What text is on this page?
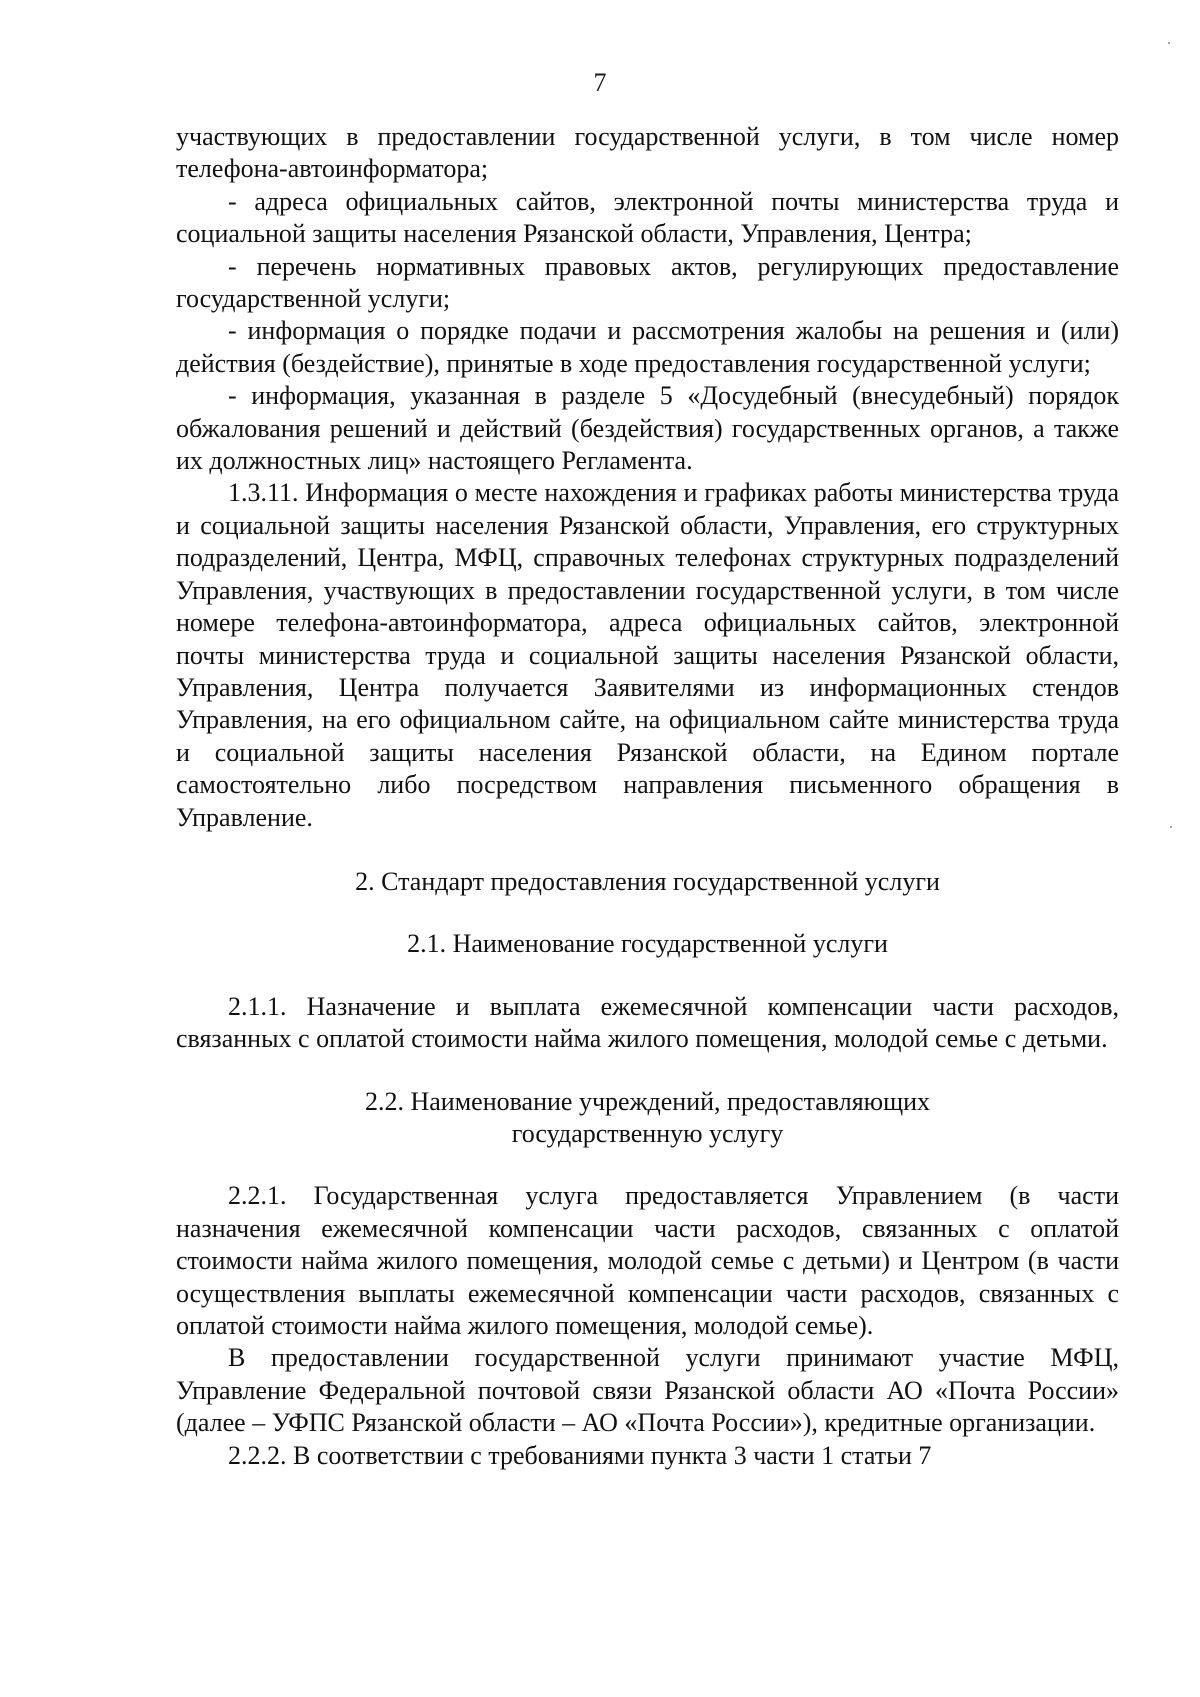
7

участвующих в предоставлении государственной услуги, в том числе номер телефона-автоинформатора;

- адреса официальных сайтов, электронной почты министерства труда и социальной защиты населения Рязанской области, Управления, Центра;

- перечень нормативных правовых актов, регулирующих предоставление государственной услуги;

- информация о порядке подачи и рассмотрения жалобы на решения и (или) действия (бездействие), принятые в ходе предоставления государственной услуги;

- информация, указанная в разделе 5 «Досудебный (внесудебный) порядок обжалования решений и действий (бездействия) государственных органов, а также их должностных лиц» настоящего Регламента.

1.3.11. Информация о месте нахождения и графиках работы министерства труда и социальной защиты населения Рязанской области, Управления, его структурных подразделений, Центра, МФЦ, справочных телефонах структурных подразделений Управления, участвующих в предоставлении государственной услуги, в том числе номере телефона-автоинформатора, адреса официальных сайтов, электронной почты министерства труда и социальной защиты населения Рязанской области, Управления, Центра получается Заявителями из информационных стендов Управления, на его официальном сайте, на официальном сайте министерства труда и социальной защиты населения Рязанской области, на Едином портале самостоятельно либо посредством направления письменного обращения в Управление.

2. Стандарт предоставления государственной услуги
2.1. Наименование государственной услуги

2.1.1. Назначение и выплата ежемесячной компенсации части расходов, связанных с оплатой стоимости найма жилого помещения, молодой семье с детьми.

2.2. Наименование учреждений, предоставляющих
государственную услугу

2.2.1. Государственная услуга предоставляется Управлением (в части назначения ежемесячной компенсации части расходов, связанных с оплатой стоимости найма жилого помещения, молодой семье с детьми) и Центром (в части осуществления выплаты ежемесячной компенсации части расходов, связанных с оплатой стоимости найма жилого помещения, молодой семье).

В предоставлении государственной услуги принимают участие МФЦ, Управление Федеральной почтовой связи Рязанской области АО «Почта России» (далее – УФПС Рязанской области – АО «Почта России»), кредитные организации.

2.2.2. В соответствии с требованиями пункта 3 части 1 статьи 7
